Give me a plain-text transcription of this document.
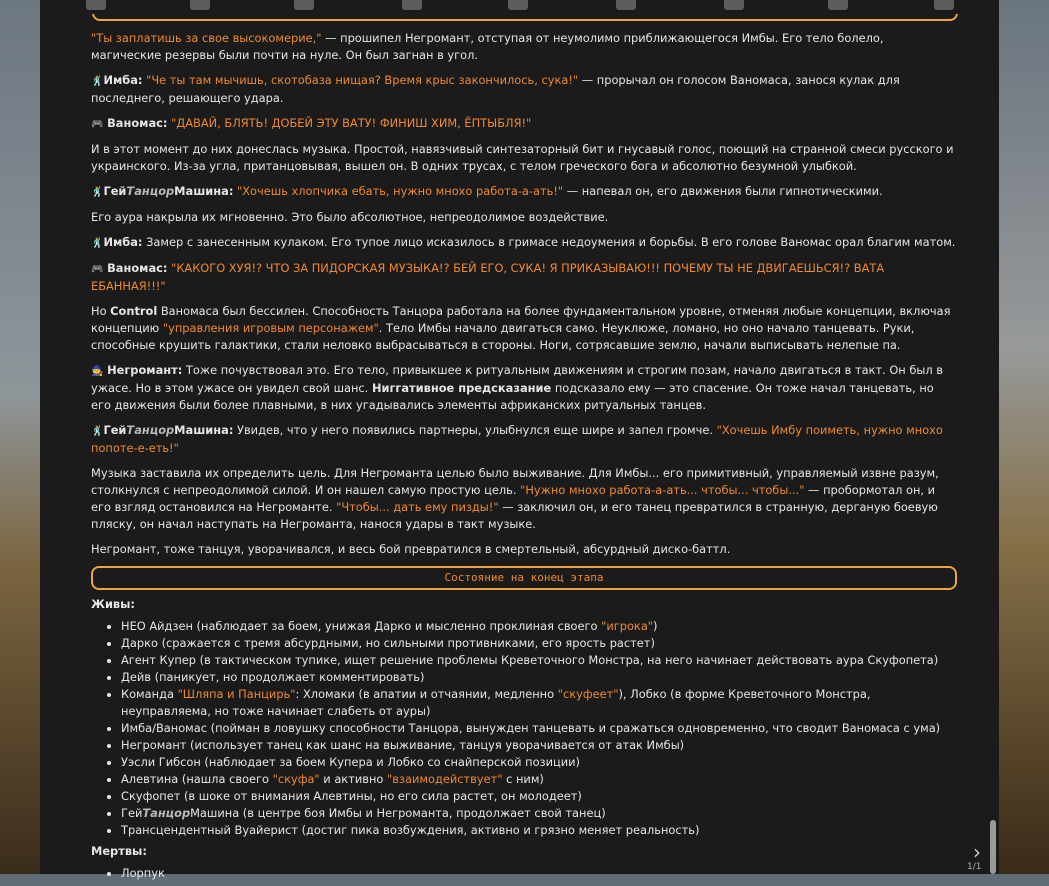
"Ты заплатишь за свое высокомерие," — прошипел Негромант, отступая от неумолимо приближающегося Имбы. Его тело болело, магические резервы были почти на нуле. Он был загнан в угол.

🕺Имба: "Че ты там мычишь, скотобаза нищая? Время крыс закончилось, сука!" — прорычал он голосом Ваномаса, занося кулак для последнего, решающего удара.

🎮 Ваномас: "ДАВАЙ, БЛЯТЬ! ДОБЕЙ ЭТУ ВАТУ! ФИНИШ ХИМ, ЁПТЫБЛЯ!"

И в этот момент до них донеслась музыка. Простой, навязчивый синтезаторный бит и гнусавый голос, поющий на странной смеси русского и украинского. Из-за угла, пританцовывая, вышел он. В одних трусах, с телом греческого бога и абсолютно безумной улыбкой.

🕺ГейТанцорМашина: "Хочешь хлопчика ебать, нужно мнохо работа-а-ать!" — напевал он, его движения были гипнотическими.

Его аура накрыла их мгновенно. Это было абсолютное, непреодолимое воздействие.

🕺Имба: Замер с занесенным кулаком. Его тупое лицо исказилось в гримасе недоумения и борьбы. В его голове Ваномас орал благим матом.

🎮 Ваномас: "КАКОГО ХУЯ!? ЧТО ЗА ПИДОРСКАЯ МУЗЫКА!? БЕЙ ЕГО, СУКА! Я ПРИКАЗЫВАЮ!!! ПОЧЕМУ ТЫ НЕ ДВИГАЕШЬСЯ!? ВАТА ЕБАННАЯ!!!"

Но Control Ваномаса был бессилен. Способность Танцора работала на более фундаментальном уровне, отменяя любые концепции, включая концепцию "управления игровым персонажем". Тело Имбы начало двигаться само. Неуклюже, ломано, но оно начало танцевать. Руки, способные крушить галактики, стали неловко выбрасываться в стороны. Ноги, сотрясавшие землю, начали выписывать нелепые па.

🧙 Негромант: Тоже почувствовал это. Его тело, привыкшее к ритуальным движениям и строгим позам, начало двигаться в такт. Он был в ужасе. Но в этом ужасе он увидел свой шанс. Ниггативное предсказание подсказало ему — это спасение. Он тоже начал танцевать, но его движения были более плавными, в них угадывались элементы африканских ритуальных танцев.

🕺ГейТанцорМашина: Увидев, что у него появились партнеры, улыбнулся еще шире и запел громче. "Хочешь Имбу поиметь, нужно мнохо попоте-е-еть!"

Музыка заставила их определить цель. Для Негроманта целью было выживание. Для Имбы... его примитивный, управляемый извне разум, столкнулся с непреодолимой силой. И он нашел самую простую цель. "Нужно мнохо работа-а-ать... чтобы... чтобы..." — пробормотал он, и его взгляд остановился на Негроманте. "Чтобы... дать ему пизды!" — заключил он, и его танец превратился в странную, дерганую боевую пляску, он начал наступать на Негроманта, нанося удары в такт музыке.

Негромант, тоже танцуя, уворачивался, и весь бой превратился в смертельный, абсурдный диско-баттл.

Состояние на конец этапа
Живы:
• НЕО Айдзен (наблюдает за боем, унижая Дарко и мысленно проклиная своего "игрока")
• Дарко (сражается с тремя абсурдными, но сильными противниками, его ярость растет)
• Агент Купер (в тактическом тупике, ищет решение проблемы Креветочного Монстра, на него начинает действовать аура Скуфопета)
• Дейв (паникует, но продолжает комментировать)
• Команда "Шляпа и Панцирь": Хломаки (в апатии и отчаянии, медленно "скуфеет"), Лобко (в форме Креветочного Монстра, неуправляема, но тоже начинает слабеть от ауры)
• Имба/Ваномас (пойман в ловушку способности Танцора, вынужден танцевать и сражаться одновременно, что сводит Ваномаса с ума)
• Негромант (использует танец как шанс на выживание, танцуя уворачивается от атак Имбы)
• Уэсли Гибсон (наблюдает за боем Купера и Лобко со снайперской позиции)
• Алевтина (нашла своего "скуфа" и активно "взаимодействует" с ним)
• Скуфопет (в шоке от внимания Алевтины, но его сила растет, он молодеет)
• ГейТанцорМашина (в центре боя Имбы и Негроманта, продолжает свой танец)
• Трансцендентный Вуайерист (достиг пика возбуждения, активно и грязно меняет реальность)
Мертвы:
• Лорпук
›
1/1
